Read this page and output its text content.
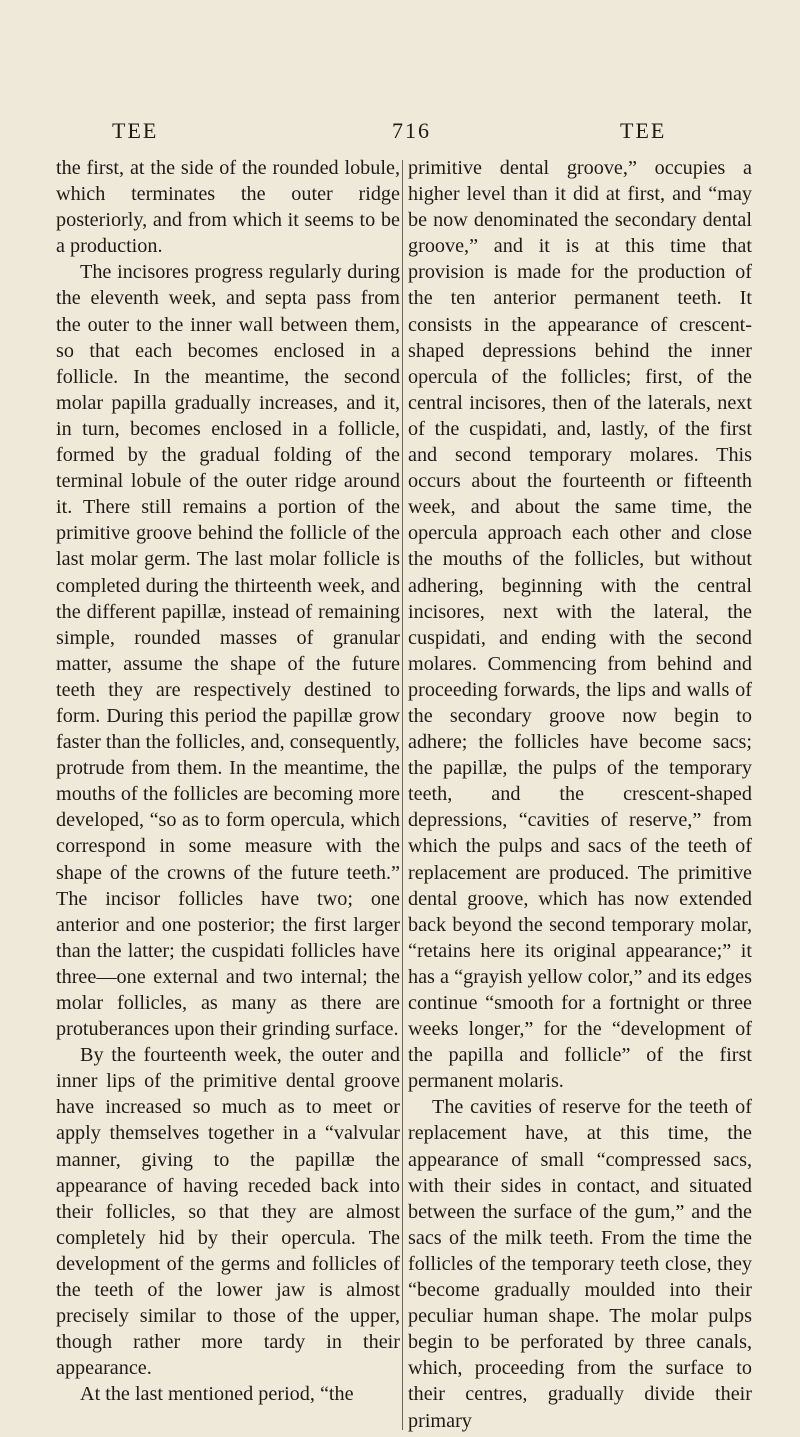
TEE	716	TEE

the first, at the side of the rounded lobule, which terminates the outer ridge posteriorly, and from which it seems to be a production.

The incisores progress regularly during the eleventh week, and septa pass from the outer to the inner wall between them, so that each becomes enclosed in a follicle. In the meantime, the second molar papilla gradually increases, and it, in turn, becomes enclosed in a follicle, formed by the gradual folding of the terminal lobule of the outer ridge around it. There still remains a portion of the primitive groove behind the follicle of the last molar germ. The last molar follicle is completed during the thirteenth week, and the different papillæ, instead of remaining simple, rounded masses of granular matter, assume the shape of the future teeth they are respectively destined to form. During this period the papillæ grow faster than the follicles, and, consequently, protrude from them. In the meantime, the mouths of the follicles are becoming more developed, “so as to form opercula, which correspond in some measure with the shape of the crowns of the future teeth.” The incisor follicles have two; one anterior and one posterior; the first larger than the latter; the cuspidati follicles have three—one external and two internal; the molar follicles, as many as there are protuberances upon their grinding surface.

By the fourteenth week, the outer and inner lips of the primitive dental groove have increased so much as to meet or apply themselves together in a “valvular manner, giving to the papillæ the appearance of having receded back into their follicles, so that they are almost completely hid by their opercula. The development of the germs and follicles of the teeth of the lower jaw is almost precisely similar to those of the upper, though rather more tardy in their appearance.

At the last mentioned period, “the

primitive dental groove,” occupies a higher level than it did at first, and “may be now denominated the secondary dental groove,” and it is at this time that provision is made for the production of the ten anterior permanent teeth. It consists in the appearance of crescent-shaped depressions behind the inner opercula of the follicles; first, of the central incisores, then of the laterals, next of the cuspidati, and, lastly, of the first and second temporary molares. This occurs about the fourteenth or fifteenth week, and about the same time, the opercula approach each other and close the mouths of the follicles, but without adhering, beginning with the central incisores, next with the lateral, the cuspidati, and ending with the second molares. Commencing from behind and proceeding forwards, the lips and walls of the secondary groove now begin to adhere; the follicles have become sacs; the papillæ, the pulps of the temporary teeth, and the crescent-shaped depressions, “cavities of reserve,” from which the pulps and sacs of the teeth of replacement are produced. The primitive dental groove, which has now extended back beyond the second temporary molar, “retains here its original appearance;” it has a “grayish yellow color,” and its edges continue “smooth for a fortnight or three weeks longer,” for the “development of the papilla and follicle” of the first permanent molaris.

The cavities of reserve for the teeth of replacement have, at this time, the appearance of small “compressed sacs, with their sides in contact, and situated between the surface of the gum,” and the sacs of the milk teeth. From the time the follicles of the temporary teeth close, they “become gradually moulded into their peculiar human shape. The molar pulps begin to be perforated by three canals, which, proceeding from the surface to their centres, gradually divide their primary
